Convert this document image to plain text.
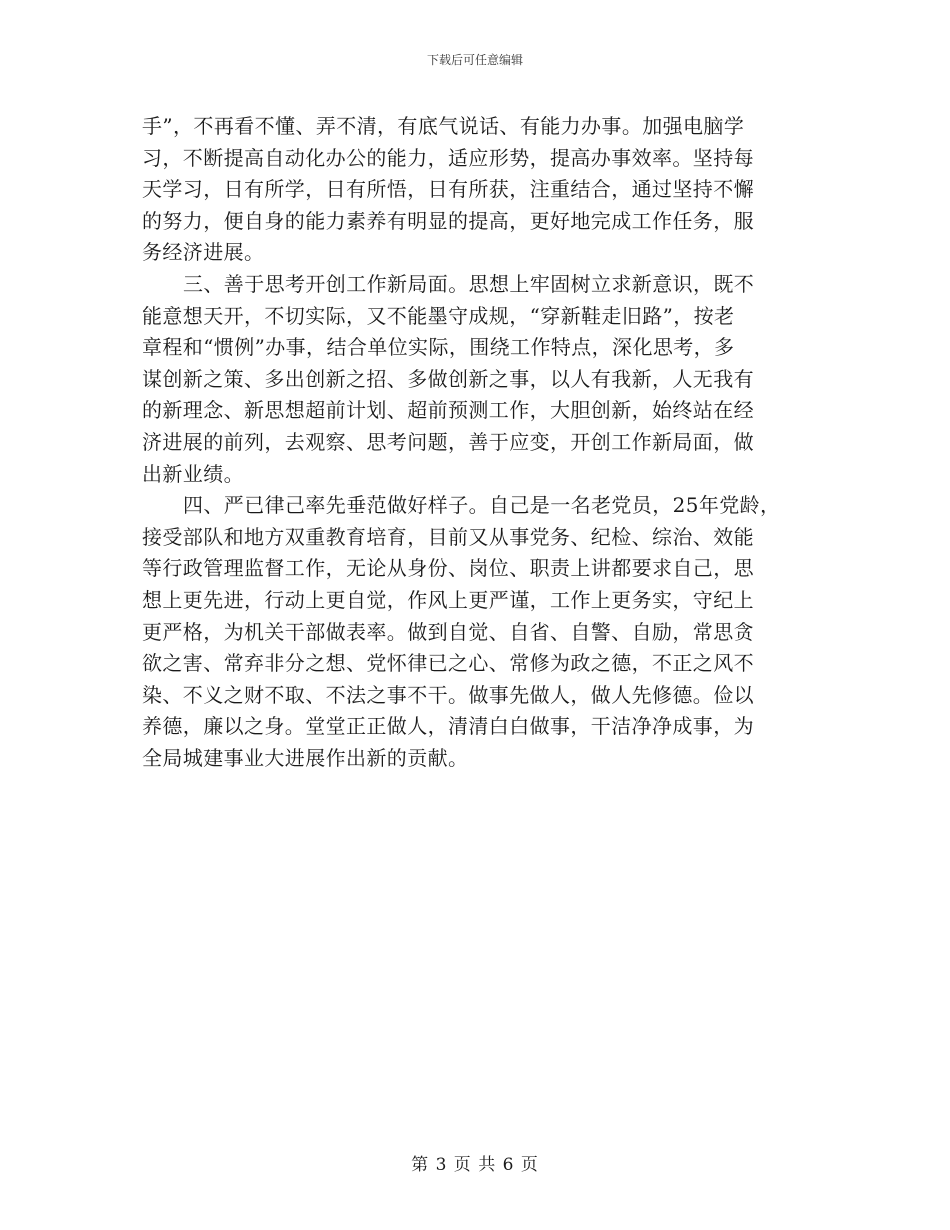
下载后可任意编辑
手”，不再看不懂、弄不清，有底气说话、有能力办事。加强电脑学
习，不断提高自动化办公的能力，适应形势，提高办事效率。坚持每
天学习，日有所学，日有所悟，日有所获，注重结合，通过坚持不懈
的努力，便自身的能力素养有明显的提高，更好地完成工作任务，服
务经济进展。
三、善于思考开创工作新局面。思想上牢固树立求新意识，既不
能意想天开，不切实际，又不能墨守成规，“穿新鞋走旧路”，按老
章程和“惯例”办事，结合单位实际，围绕工作特点，深化思考，多
谋创新之策、多出创新之招、多做创新之事，以人有我新，人无我有
的新理念、新思想超前计划、超前预测工作，大胆创新，始终站在经
济进展的前列，去观察、思考问题，善于应变，开创工作新局面，做
出新业绩。
四、严已律己率先垂范做好样子。自己是一名老党员，25年党龄，
接受部队和地方双重教育培育，目前又从事党务、纪检、综治、效能
等行政管理监督工作，无论从身份、岗位、职责上讲都要求自己，思
想上更先进，行动上更自觉，作风上更严谨，工作上更务实，守纪上
更严格，为机关干部做表率。做到自觉、自省、自警、自励，常思贪
欲之害、常弃非分之想、党怀律已之心、常修为政之德，不正之风不
染、不义之财不取、不法之事不干。做事先做人，做人先修德。俭以
养德，廉以之身。堂堂正正做人，清清白白做事，干洁净净成事，为
全局城建事业大进展作出新的贡献。
第 3 页 共 6 页
